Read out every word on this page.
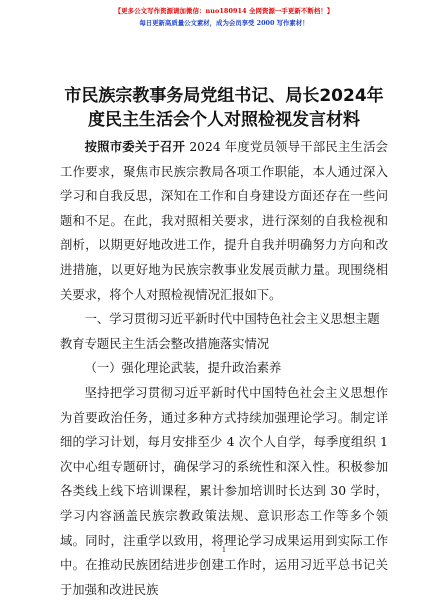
【更多公文写作资源请加微信：nuo180914 全网资源一手更新不断档！】
每日更新高质量公文素材，成为会员享受 2000 写作素材！
市民族宗教事务局党组书记、局长2024年度民主生活会个人对照检视发言材料

按照市委关于召开 2024 年度党员领导干部民主生活会工作要求，聚焦市民族宗教局各项工作职能，本人通过深入学习和自我反思，深知在工作和自身建设方面还存在一些问题和不足。在此，我对照相关要求，进行深刻的自我检视和剖析，以期更好地改进工作，提升自我并明确努力方向和改进措施，以更好地为民族宗教事业发展贡献力量。现围绕相关要求，将个人对照检视情况汇报如下。

一、学习贯彻习近平新时代中国特色社会主义思想主题教育专题民主生活会整改措施落实情况

（一）强化理论武装，提升政治素养

坚持把学习贯彻习近平新时代中国特色社会主义思想作为首要政治任务，通过多种方式持续加强理论学习。制定详细的学习计划，每月安排至少 4 次个人自学，每季度组织 1 次中心组专题研讨，确保学习的系统性和深入性。积极参加各类线上线下培训课程，累计参加培训时长达到 30 学时，学习内容涵盖民族宗教政策法规、意识形态工作等多个领域。同时，注重学以致用，将理论学习成果运用到实际工作中。在推动民族团结进步创建工作时，运用习近平总书记关于加强和改进民族

1
